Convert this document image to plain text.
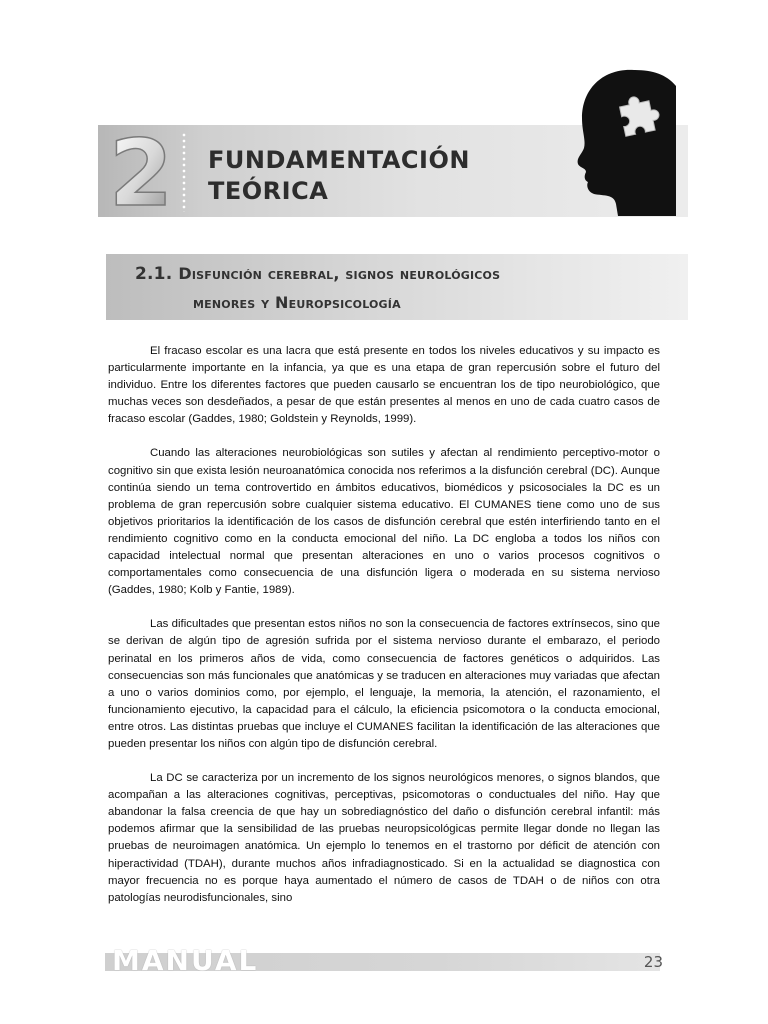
2 FUNDAMENTACIÓN
TEÓRICA
2.1. Disfunción cerebral, signos neurológicos
menores y Neuropsicología

El fracaso escolar es una lacra que está presente en todos los niveles educativos y su impacto es particularmente importante en la infancia, ya que es una etapa de gran repercusión sobre el futuro del individuo. Entre los diferentes factores que pueden causarlo se encuentran los de tipo neurobiológico, que muchas veces son desdeñados, a pesar de que están presentes al menos en uno de cada cuatro casos de fracaso escolar (Gaddes, 1980; Goldstein y Reynolds, 1999).

Cuando las alteraciones neurobiológicas son sutiles y afectan al rendimiento perceptivo-motor o cognitivo sin que exista lesión neuroanatómica conocida nos referimos a la disfunción cerebral (DC). Aunque continúa siendo un tema controvertido en ámbitos educativos, biomédicos y psicosociales la DC es un problema de gran repercusión sobre cualquier sistema educativo. El CUMANES tiene como uno de sus objetivos prioritarios la identificación de los casos de disfunción cerebral que estén interfiriendo tanto en el rendimiento cognitivo como en la conducta emocional del niño. La DC engloba a todos los niños con capacidad intelectual normal que presentan alteraciones en uno o varios procesos cognitivos o comportamentales como consecuencia de una disfunción ligera o moderada en su sistema nervioso (Gaddes, 1980; Kolb y Fantie, 1989).

Las dificultades que presentan estos niños no son la consecuencia de factores extrínsecos, sino que se derivan de algún tipo de agresión sufrida por el sistema nervioso durante el embarazo, el periodo perinatal en los primeros años de vida, como consecuencia de factores genéticos o adquiridos. Las consecuencias son más funcionales que anatómicas y se traducen en alteraciones muy variadas que afectan a uno o varios dominios como, por ejemplo, el lenguaje, la memoria, la atención, el razonamiento, el funcionamiento ejecutivo, la capacidad para el cálculo, la eficiencia psicomotora o la conducta emocional, entre otros. Las distintas pruebas que incluye el CUMANES facilitan la identificación de las alteraciones que pueden presentar los niños con algún tipo de disfunción cerebral.

La DC se caracteriza por un incremento de los signos neurológicos menores, o signos blandos, que acompañan a las alteraciones cognitivas, perceptivas, psicomotoras o conductuales del niño. Hay que abandonar la falsa creencia de que hay un sobrediagnóstico del daño o disfunción cerebral infantil: más podemos afirmar que la sensibilidad de las pruebas neuropsicológicas permite llegar donde no llegan las pruebas de neuroimagen anatómica. Un ejemplo lo tenemos en el trastorno por déficit de atención con hiperactividad (TDAH), durante muchos años infradiagnosticado. Si en la actualidad se diagnostica con mayor frecuencia no es porque haya aumentado el número de casos de TDAH o de niños con otra patologías neurodisfuncionales, sino

MANUAL	23
